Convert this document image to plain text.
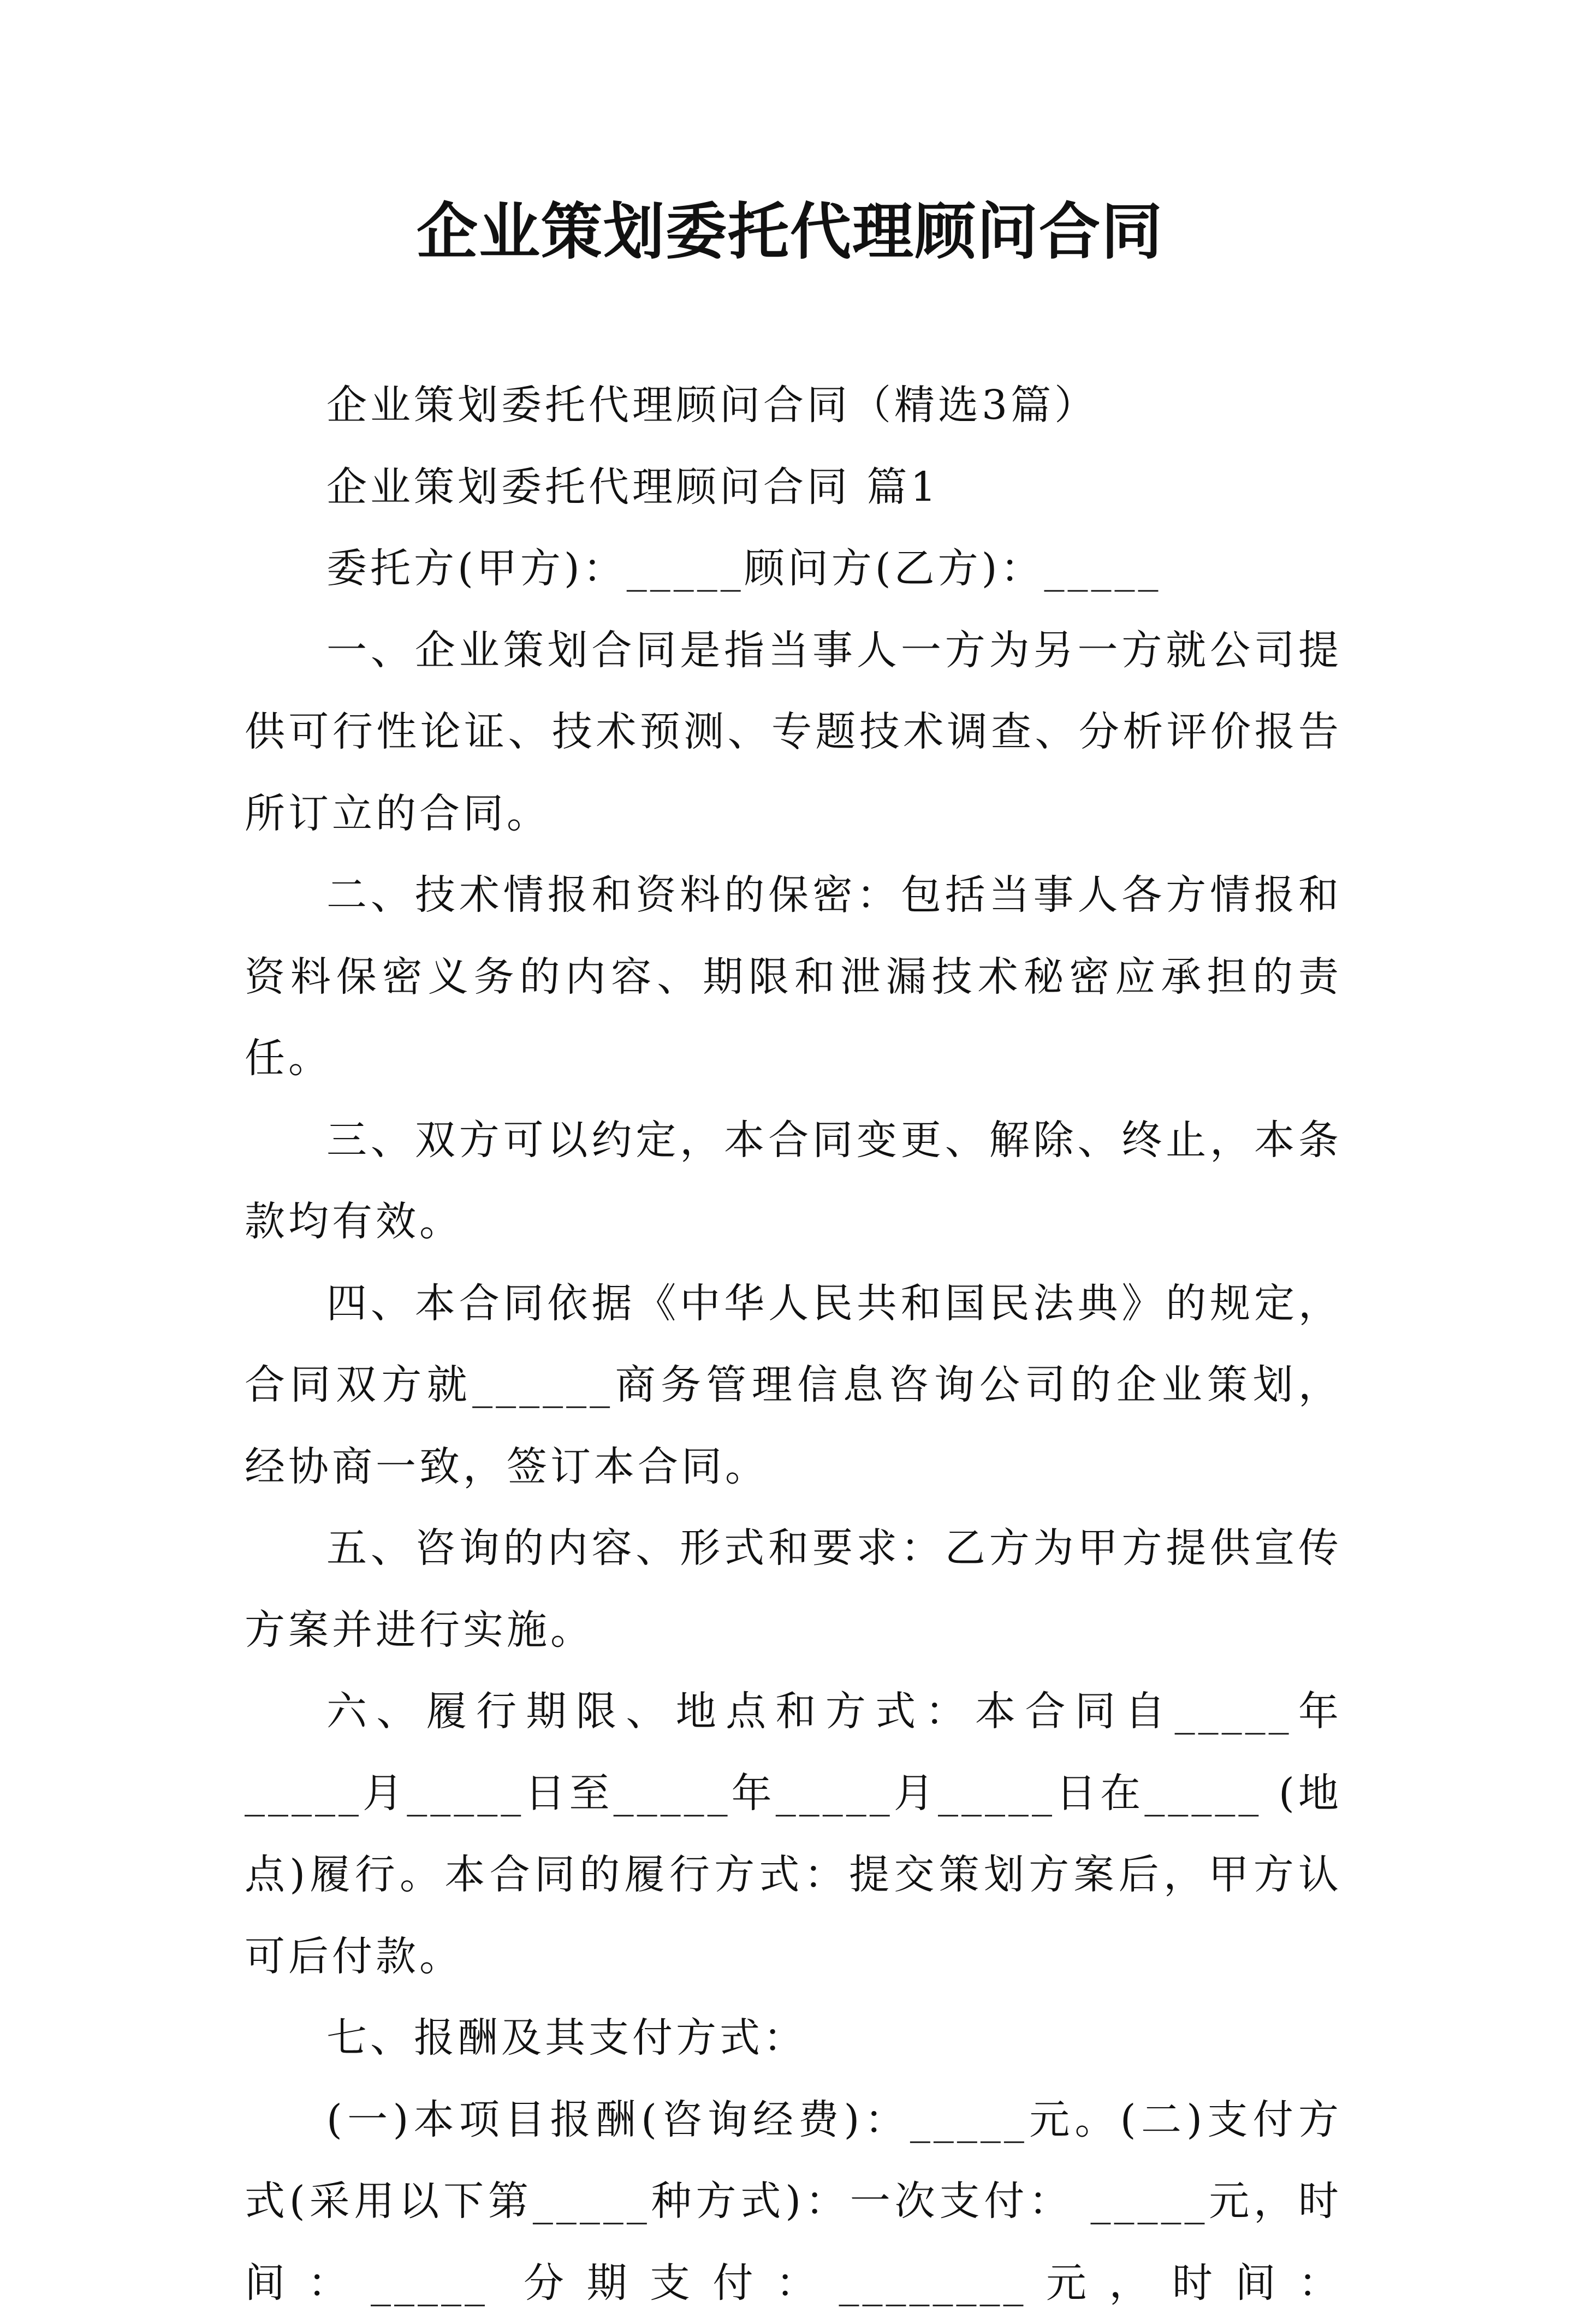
企业策划委托代理顾问合同

企业策划委托代理顾问合同（精选3篇）

企业策划委托代理顾问合同 篇1

委托方(甲方)：_____顾问方(乙方)：_____

一、企业策划合同是指当事人一方为另一方就公司提供可行性论证、技术预测、专题技术调查、分析评价报告所订立的合同。

二、技术情报和资料的保密：包括当事人各方情报和资料保密义务的内容、期限和泄漏技术秘密应承担的责任。

三、双方可以约定，本合同变更、解除、终止，本条款均有效。

四、本合同依据《中华人民共和国民法典》的规定，合同双方就______商务管理信息咨询公司的企业策划，经协商一致，签订本合同。

五、咨询的内容、形式和要求：乙方为甲方提供宣传方案并进行实施。

六、履行期限、地点和方式：本合同自_____年_____月_____日至_____年_____月_____日在_____ (地点)履行。本合同的履行方式：提交策划方案后，甲方认可后付款。

七、报酬及其支付方式：

(一)本项目报酬(咨询经费)：_____元。(二)支付方式(采用以下第_____种方式)：一次支付： _____元，时间：_____ 分期支付：________元，时间：
